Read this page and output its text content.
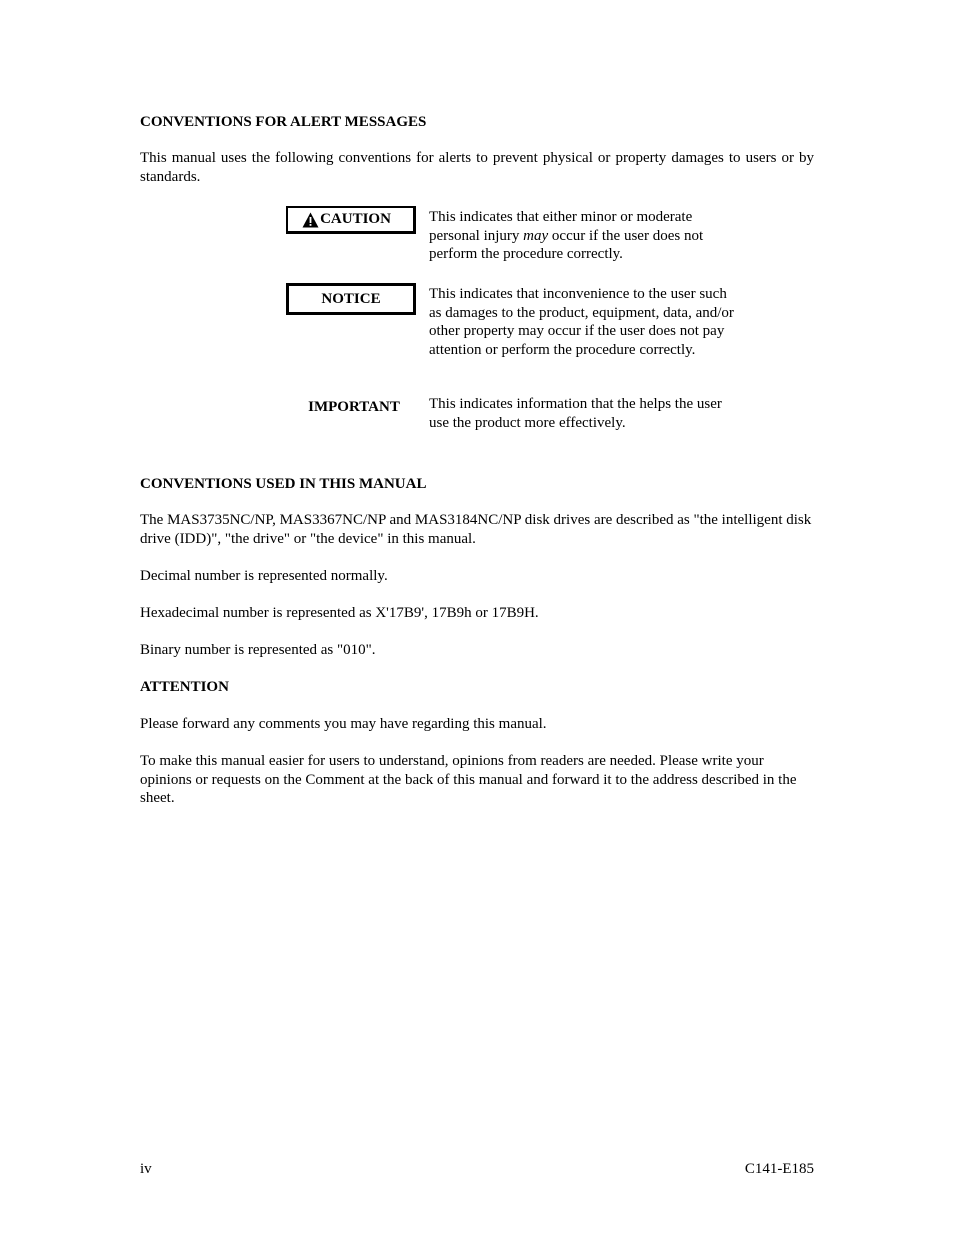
CONVENTIONS FOR ALERT MESSAGES

This manual uses the following conventions for alerts to prevent physical or property damages to users or by standards.

CAUTION	This indicates that either minor or moderate personal injury may occur if the user does not perform the procedure correctly.

NOTICE	This indicates that inconvenience to the user such as damages to the product, equipment, data, and/or other property may occur if the user does not pay attention or perform the procedure correctly.

IMPORTANT	This indicates information that the helps the user use the product more effectively.

CONVENTIONS USED IN THIS MANUAL

The MAS3735NC/NP, MAS3367NC/NP and MAS3184NC/NP disk drives are described as "the intelligent disk drive (IDD)", "the drive" or "the device" in this manual.

Decimal number is represented normally.

Hexadecimal number is represented as X'17B9', 17B9h or 17B9H.

Binary number is represented as "010".

ATTENTION

Please forward any comments you may have regarding this manual.

To make this manual easier for users to understand, opinions from readers are needed. Please write your opinions or requests on the Comment at the back of this manual and forward it to the address described in the sheet.

iv	C141-E185
